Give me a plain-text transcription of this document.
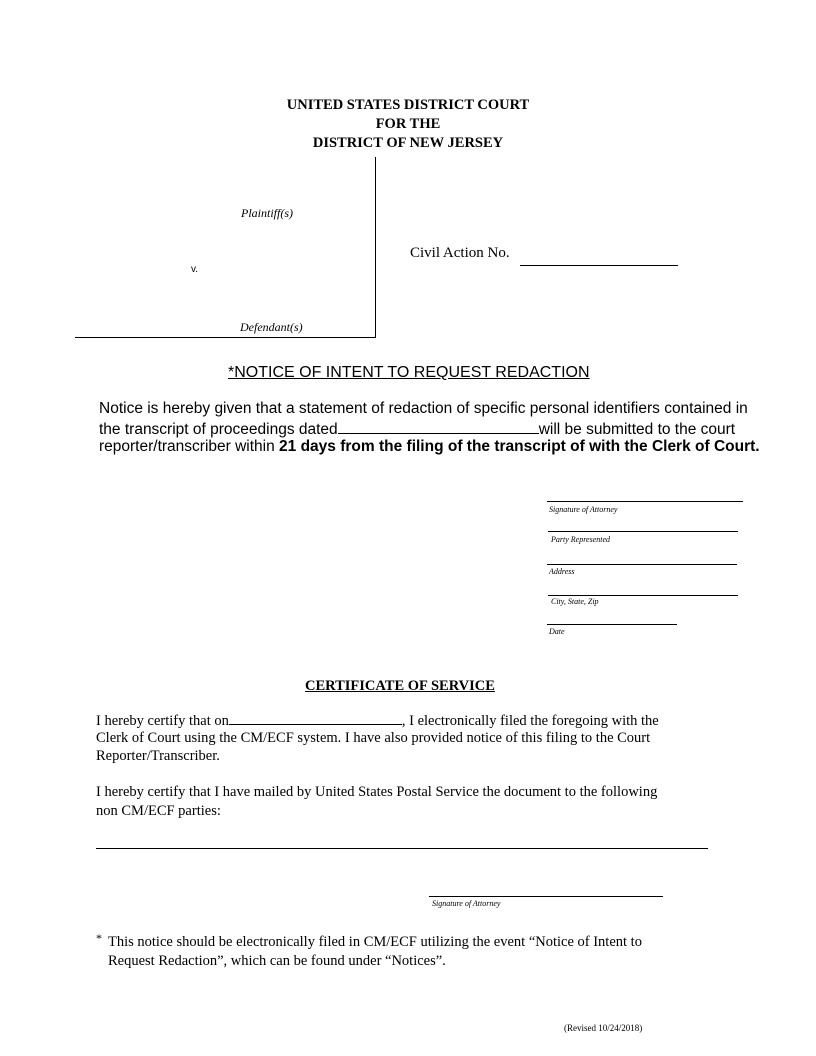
UNITED STATES DISTRICT COURT
FOR THE
DISTRICT OF NEW JERSEY
Plaintiff(s)
v.
Defendant(s)
Civil Action No.
*NOTICE OF INTENT TO REQUEST REDACTION
Notice is hereby given that a statement of redaction of specific personal identifiers contained in
the transcript of proceedings dated	will be submitted to the court
reporter/transcriber within 21 days from the filing of the transcript of with the Clerk of Court.
Signature of Attorney
Party Represented
Address
City, State, Zip
Date
CERTIFICATE OF SERVICE
I hereby certify that on	, I electronically filed the foregoing with the
Clerk of Court using the CM/ECF system. I have also provided notice of this filing to the Court
Reporter/Transcriber.
I hereby certify that I have mailed by United States Postal Service the document to the following
non CM/ECF parties:
Signature of Attorney
* This notice should be electronically filed in CM/ECF utilizing the event “Notice of Intent to
Request Redaction”, which can be found under “Notices”.
(Revised 10/24/2018)
